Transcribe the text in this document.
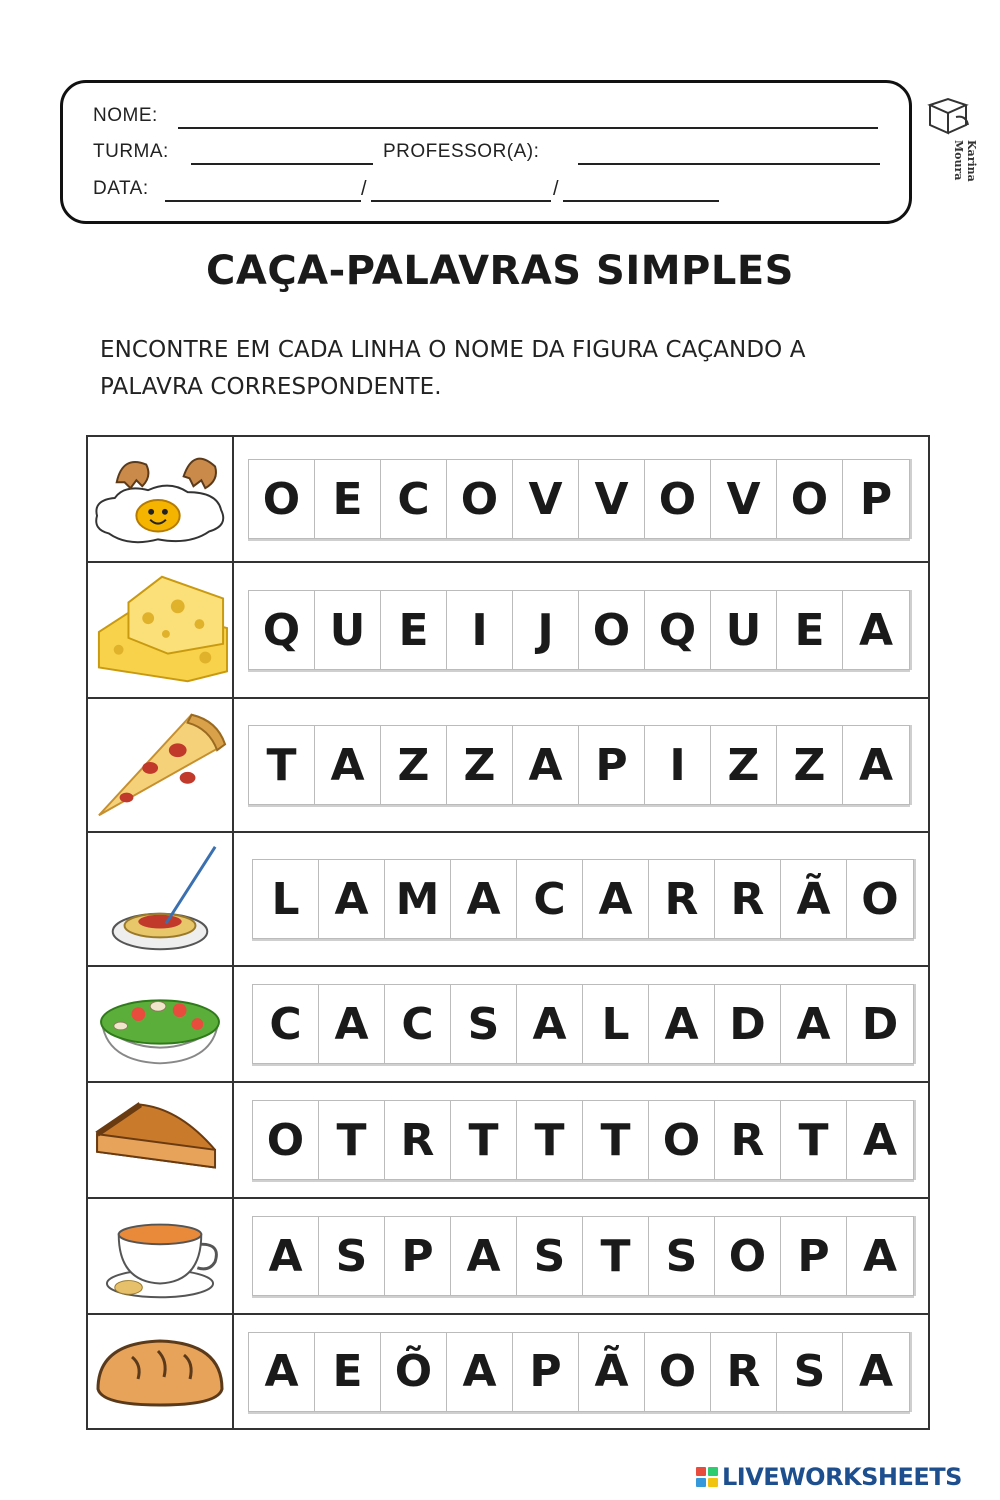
NOME:
TURMA:	PROFESSOR(A):
DATA:	/	/
Karina Moura
CAÇA-PALAVRAS SIMPLES
ENCONTRE EM CADA LINHA O NOME DA FIGURA CAÇANDO A
PALAVRA CORRESPONDENTE.
O E C O V V O V O P
Q U E I	J O Q U E A
T A Z Z A P I Z Z A
L A M A C A R R Ã O
C A C S A L A D A D
O T R T T T O R T A
A S P A S T S O P A
A E Õ A P Ã O R S A
LIVEWORKSHEETS
